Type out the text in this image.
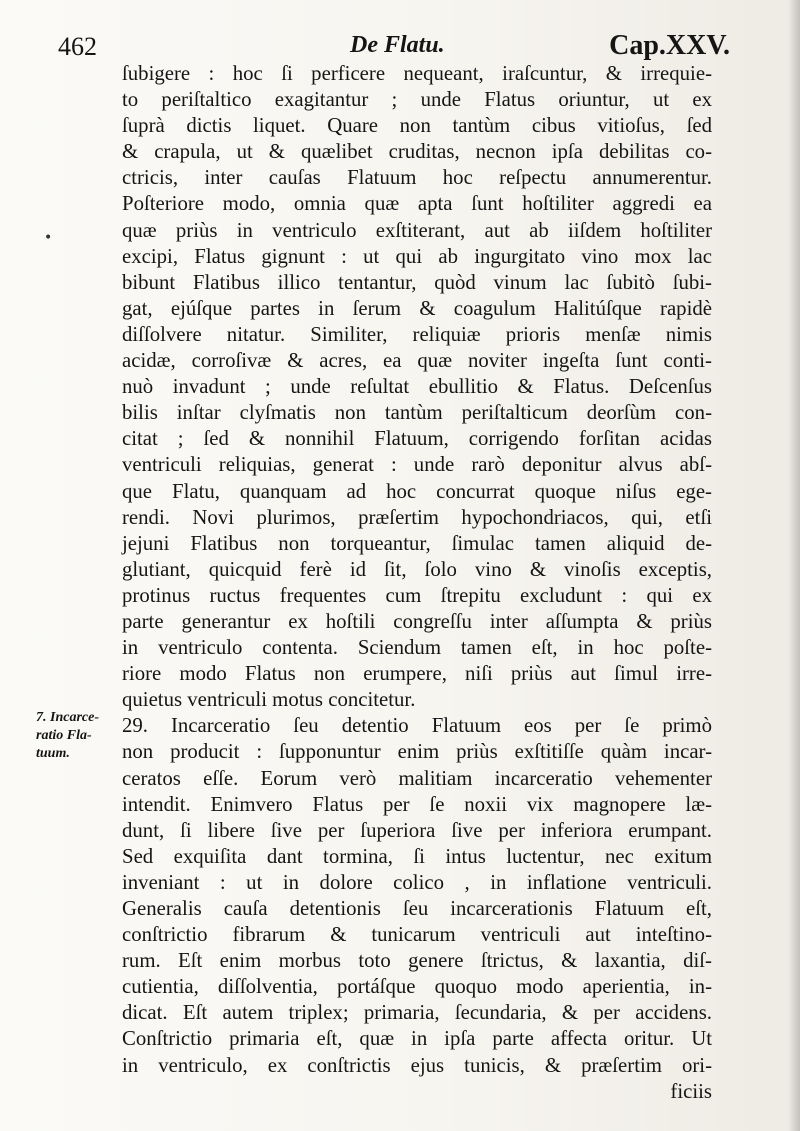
462	De Flatu.	Cap.XXV.
•
7. Incarce-
ratio Fla-
tuum.
ſubigere : hoc ſi perficere nequeant, iraſcuntur, & irrequie-
to periſtaltico exagitantur ; unde Flatus oriuntur, ut ex
ſuprà dictis liquet. Quare non tantùm cibus vitioſus, ſed
& crapula, ut & quælibet cruditas, necnon ipſa debilitas co-
ctricis, inter cauſas Flatuum hoc reſpectu annumerentur.
Poſteriore modo, omnia quæ apta ſunt hoſtiliter aggredi ea
quæ priùs in ventriculo exſtiterant, aut ab iiſdem hoſtiliter
excipi, Flatus gignunt : ut qui ab ingurgitato vino mox lac
bibunt Flatibus illico tentantur, quòd vinum lac ſubitò ſubi-
gat, ejúſque partes in ſerum & coagulum Halitúſque rapidè
diſſolvere nitatur. Similiter, reliquiæ prioris menſæ nimis
acidæ, corroſivæ & acres, ea quæ noviter ingeſta ſunt conti-
nuò invadunt ; unde reſultat ebullitio & Flatus. Deſcenſus
bilis inſtar clyſmatis non tantùm periſtalticum deorſùm con-
citat ; ſed & nonnihil Flatuum, corrigendo forſitan acidas
ventriculi reliquias, generat : unde rarò deponitur alvus abſ-
que Flatu, quanquam ad hoc concurrat quoque niſus ege-
rendi. Novi plurimos, præſertim hypochondriacos, qui, etſi
jejuni Flatibus non torqueantur, ſimulac tamen aliquid de-
glutiant, quicquid ferè id ſit, ſolo vino & vinoſis exceptis,
protinus ructus frequentes cum ſtrepitu excludunt : qui ex
parte generantur ex hoſtili congreſſu inter aſſumpta & priùs
in ventriculo contenta. Sciendum tamen eſt, in hoc poſte-
riore modo Flatus non erumpere, niſi priùs aut ſimul irre-
quietus ventriculi motus concitetur.
29. Incarceratio ſeu detentio Flatuum eos per ſe primò
non producit : ſupponuntur enim priùs exſtitiſſe quàm incar-
ceratos eſſe. Eorum verò malitiam incarceratio vehementer
intendit. Enimvero Flatus per ſe noxii vix magnopere læ-
dunt, ſi libere ſive per ſuperiora ſive per inferiora erumpant.
Sed exquiſita dant tormina, ſi intus luctentur, nec exitum
inveniant : ut in dolore colico , in inflatione ventriculi.
Generalis cauſa detentionis ſeu incarcerationis Flatuum eſt,
conſtrictio fibrarum & tunicarum ventriculi aut inteſtino-
rum. Eſt enim morbus toto genere ſtrictus, & laxantia, diſ-
cutientia, diſſolventia, portáſque quoquo modo aperientia, in-
dicat. Eſt autem triplex; primaria, ſecundaria, & per accidens.
Conſtrictio primaria eſt, quæ in ipſa parte affecta oritur. Ut
in ventriculo, ex conſtrictis ejus tunicis, & præſertim ori-
ficiis
